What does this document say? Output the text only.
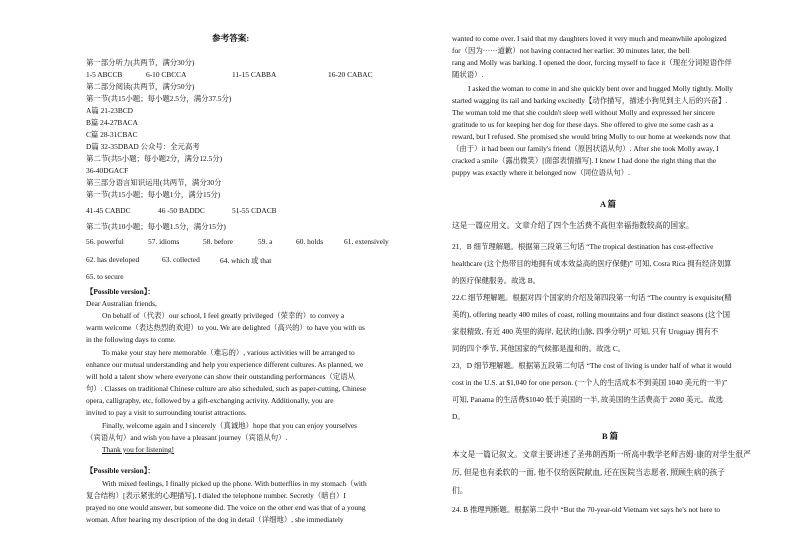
参考答案:
第一部分听力(共两节，满分30分)
1-5 ABCCB	6-10 CBCCA	11-15 CABBA	16-20 CABAC
第二部分阅读(共两节，满分50分)
第一节(共15小题；每小题2.5分，满分37.5分)
A篇 21-23BCD
B篇 24-27BACA
C篇 28-31CBAC
D篇 32-35DBAD 公众号：全元高考
第二节(共5小题；每小题2分，满分12.5分)
36-40DGACF
第三部分语言知识运用(共两节，满分30分
第一节(共15小题；每小题1分，满分15分)
41-45 CABDC	46 -50 BADDC	51-55 CDACB
第二节(共10小题；每小题1.5分，满分15分)
56. powerful	57. idioms	58. before	59. a	60. holds	61. extensively
62. has developed	63. collected	64. which 或 that
65. to secure
【Possible version】：
Dear Australian friends,
On behalf of（代表）our school, I feel greatly privileged（荣幸的）to convey a
warm welcome（表达热烈的欢迎）to you. We are delighted（高兴的）to have you with us
in the following days to come.
To make your stay here memorable（难忘的）, various activities will be arranged to
enhance our mutual understanding and help you experience different cultures. As planned, we
will hold a talent show where everyone can show their outstanding performances（定语从
句）. Classes on traditional Chinese culture are also scheduled, such as paper-cutting, Chinese
opera, calligraphy, etc, followed by a gift-exchanging activity. Additionally, you are
invited to pay a visit to surrounding tourist attractions.
Finally, welcome again and I sincerely（真诚地）hope that you can enjoy yourselves
（宾语从句）and wish you have a pleasant journey（宾语从句）.
Thank you for listening!
【Possible version】：
With mixed feelings, I finally picked up the phone. With butterflies in my stomach（with
复合结构）[表示紧张的心理描写], I dialed the telephone number. Secretly（暗自）I
prayed no one would answer, but someone did. The voice on the other end was that of a young
woman. After hearing my description of the dog in detail（详细地）, she immediately
wanted to come over. I said that my daughters loved it very much and meanwhile apologized
for（因为······道歉）not having contacted her earlier. 30 minutes later, the bell
rang and Molly was barking. I opened the door, forcing myself to face it（现在分词短语作伴
随状语）.
I asked the woman to come in and she quickly bent over and hugged Molly tightly. Molly
started wagging its tail and barking excitedly【动作描写，描述小狗见到主人后的兴奋】.
The woman told me that she couldn't sleep well without Molly and expressed her sincere
gratitude to us for keeping her dog for these days. She offered to give me some cash as a
reward, but I refused. She promised she would bring Molly to our home at weekends now that
（由于）it had been our family's friend（原因状语从句）. After she took Molly away, I
cracked a smile（露出微笑）[面部表情描写]. I knew I had done the right thing that the
puppy was exactly where it belonged now（同位语从句）.
A 篇
这是一篇应用文。文章介绍了四个生活费不高但幸福指数较高的国家。
21．B 细节理解题。根据第三段第三句话 “The tropical destination has cost-effective
healthcare (这个热带目的地拥有成本效益高的医疗保健)” 可知, Costa Rica 拥有经济划算
的医疗保健服务。故选 B。
22.C 细节理解题。根据对四个国家的介绍及第四段第一句话 “The country is exquisite(精
美的), offering nearly 400 miles of coast, rolling mountains and four distinct seasons (这个国
家很精致, 有近 400 英里的海岸, 起伏的山脉, 四季分明)” 可知, 只有 Uruguay 拥有不
同的四个季节, 其他国家的气候都是温和的。故选 C。
23．D 细节理解题。根据第五段第二句话 “The cost of living is under half of what it would
cost in the U.S. at $1,040 for one person. (一个人的生活成本不到美国 1040 美元的一半)”
可知, Panama 的生活费$1040 低于美国的一半, 故美国的生活费高于 2080 美元。故选
D。
B 篇
本文是一篇记叙文。文章主要讲述了圣弗朗西斯一所高中教学老师吉姆·康的对学生很严
厉, 但是也有柔软的一面, 他不仅给医院献血, 还在医院当志愿者, 照顾生病的孩子
们。
24. B 推理判断题。根据第二段中 “But the 70-year-old Vietnam vet says he's not here to
